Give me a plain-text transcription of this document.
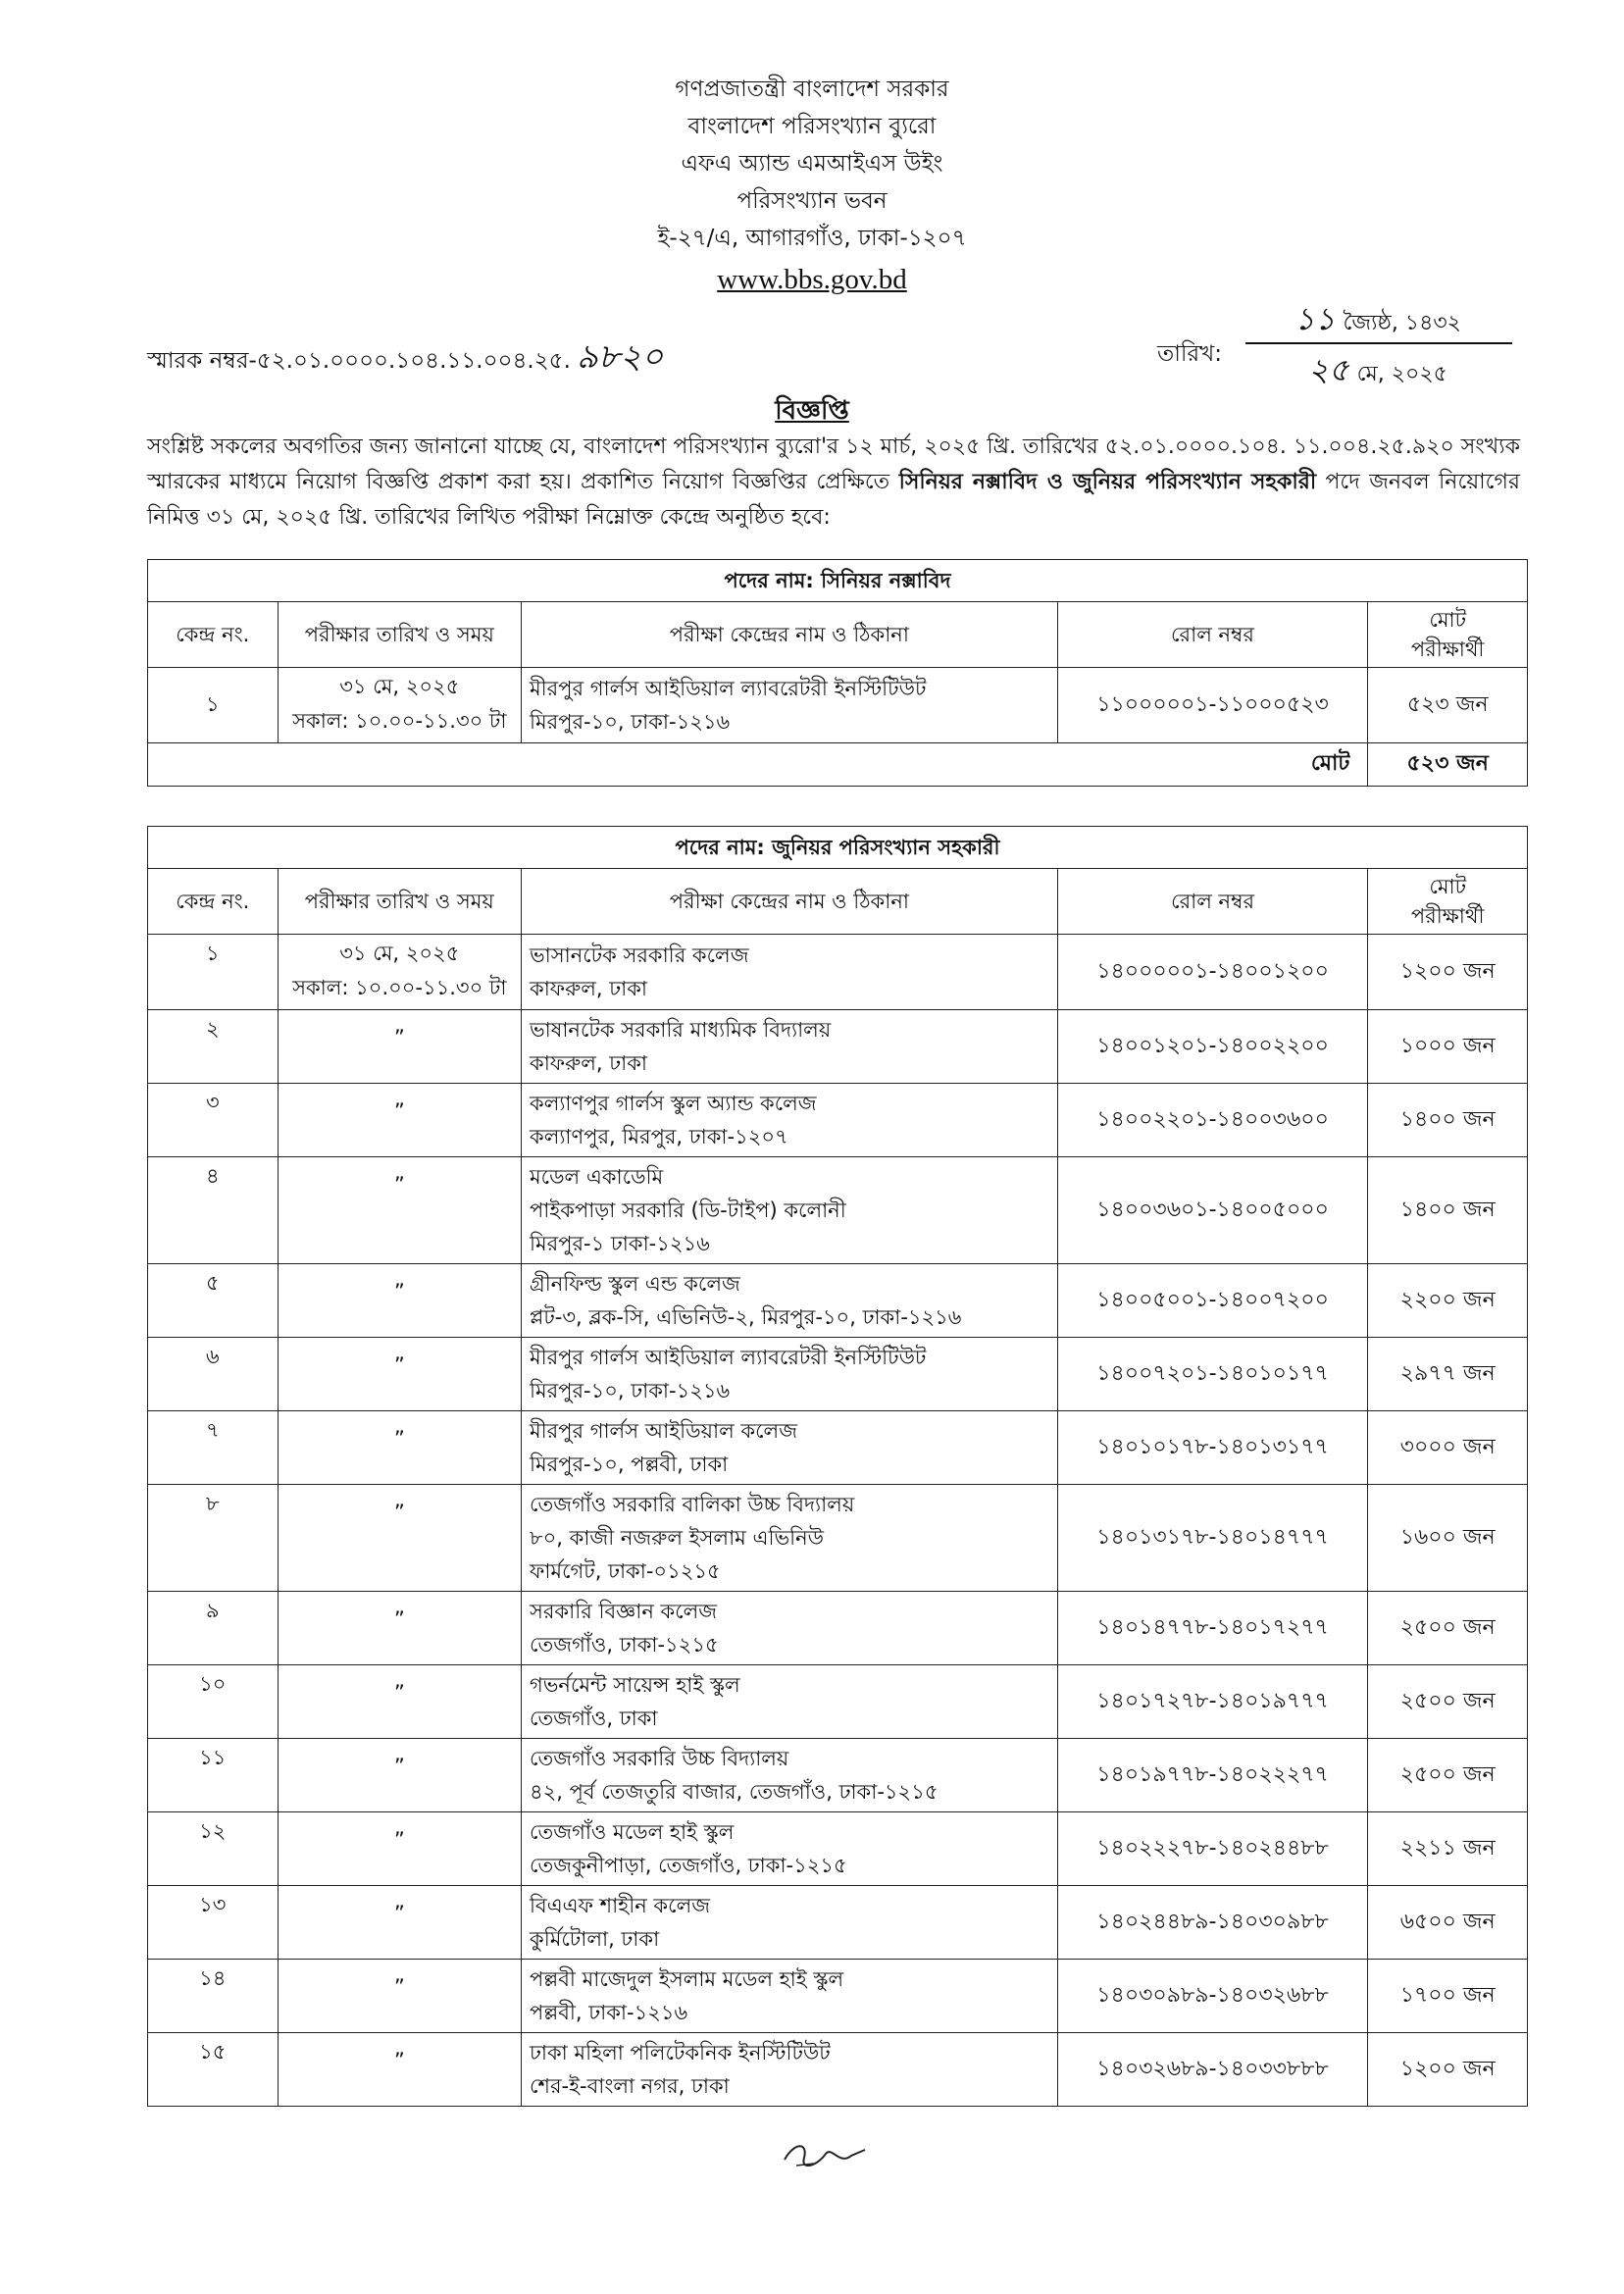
গণপ্রজাতন্ত্রী বাংলাদেশ সরকার
বাংলাদেশ পরিসংখ্যান ব্যুরো
এফএ অ্যান্ড এমআইএস উইং
পরিসংখ্যান ভবন
ই-২৭/এ, আগারগাঁও, ঢাকা-১২০৭
www.bbs.gov.bd
স্মারক নম্বর-৫২.০১.০০০০.১০৪.১১.০০৪.২৫. ৯৮২০	তারিখ:
১১ জ্যৈষ্ঠ, ১৪৩২
২৫ মে, ২০২৫
বিজ্ঞপ্তি
সংশ্লিষ্ট সকলের অবগতির জন্য জানানো যাচ্ছে যে, বাংলাদেশ পরিসংখ্যান ব্যুরো'র ১২ মার্চ, ২০২৫ খ্রি. তারিখের ৫২.০১.০০০০.১০৪. ১১.০০৪.২৫.৯২০ সংখ্যক স্মারকের মাধ্যমে নিয়োগ বিজ্ঞপ্তি প্রকাশ করা হয়। প্রকাশিত নিয়োগ বিজ্ঞপ্তির প্রেক্ষিতে সিনিয়র নক্সাবিদ ও জুনিয়র পরিসংখ্যান সহকারী পদে জনবল নিয়োগের নিমিত্ত ৩১ মে, ২০২৫ খ্রি. তারিখের লিখিত পরীক্ষা নিম্নোক্ত কেন্দ্রে অনুষ্ঠিত হবে:
পদের নাম: সিনিয়র নক্সাবিদ				
কেন্দ্র নং.	পরীক্ষার তারিখ ও সময়	পরীক্ষা কেন্দ্রের নাম ও ঠিকানা	রোল নম্বর	মোট
পরীক্ষার্থী

১	৩১ মে, ২০২৫
সকাল: ১০.০০-১১.৩০ টা	মীরপুর গার্লস আইডিয়াল ল্যাবরেটরী ইনস্টিটিউট
মিরপুর-১০, ঢাকা-১২১৬	১১০০০০০১-১১০০০৫২৩	৫২৩ জন
মোট				৫২৩ জন
পদের নাম: জুনিয়র পরিসংখ্যান সহকারী				
কেন্দ্র নং.	পরীক্ষার তারিখ ও সময়	পরীক্ষা কেন্দ্রের নাম ও ঠিকানা	রোল নম্বর	মোট
পরীক্ষার্থী

১	৩১ মে, ২০২৫
সকাল: ১০.০০-১১.৩০ টা	ভাসানটেক সরকারি কলেজ
কাফরুল, ঢাকা	১৪০০০০০১-১৪০০১২০০	১২০০ জন
২	„	ভাষানটেক সরকারি মাধ্যমিক বিদ্যালয়
কাফরুল, ঢাকা	১৪০০১২০১-১৪০০২২০০	১০০০ জন
৩	„	কল্যাণপুর গার্লস স্কুল অ্যান্ড কলেজ
কল্যাণপুর, মিরপুর, ঢাকা-১২০৭	১৪০০২২০১-১৪০০৩৬০০	১৪০০ জন
৪	„	মডেল একাডেমি
পাইকপাড়া সরকারি (ডি-টাইপ) কলোনী
মিরপুর-১ ঢাকা-১২১৬	১৪০০৩৬০১-১৪০০৫০০০	১৪০০ জন
৫	„	গ্রীনফিল্ড স্কুল এন্ড কলেজ
প্লট-৩, ব্লক-সি, এভিনিউ-২, মিরপুর-১০, ঢাকা-১২১৬	১৪০০৫০০১-১৪০০৭২০০	২২০০ জন
৬	„	মীরপুর গার্লস আইডিয়াল ল্যাবরেটরী ইনস্টিটিউট
মিরপুর-১০, ঢাকা-১২১৬	১৪০০৭২০১-১৪০১০১৭৭	২৯৭৭ জন
৭	„	মীরপুর গার্লস আইডিয়াল কলেজ
মিরপুর-১০, পল্লবী, ঢাকা	১৪০১০১৭৮-১৪০১৩১৭৭	৩০০০ জন
৮	„	তেজগাঁও সরকারি বালিকা উচ্চ বিদ্যালয়
৮০, কাজী নজরুল ইসলাম এভিনিউ
ফার্মগেট, ঢাকা-০১২১৫	১৪০১৩১৭৮-১৪০১৪৭৭৭	১৬০০ জন
৯	„	সরকারি বিজ্ঞান কলেজ
তেজগাঁও, ঢাকা-১২১৫	১৪০১৪৭৭৮-১৪০১৭২৭৭	২৫০০ জন
১০	„	গভর্নমেন্ট সায়েন্স হাই স্কুল
তেজগাঁও, ঢাকা	১৪০১৭২৭৮-১৪০১৯৭৭৭	২৫০০ জন
১১	„	তেজগাঁও সরকারি উচ্চ বিদ্যালয়
৪২, পূর্ব তেজতুরি বাজার, তেজগাঁও, ঢাকা-১২১৫	১৪০১৯৭৭৮-১৪০২২২৭৭	২৫০০ জন
১২	„	তেজগাঁও মডেল হাই স্কুল
তেজকুনীপাড়া, তেজগাঁও, ঢাকা-১২১৫	১৪০২২২৭৮-১৪০২৪৪৮৮	২২১১ জন
১৩	„	বিএএফ শাহীন কলেজ
কুর্মিটোলা, ঢাকা	১৪০২৪৪৮৯-১৪০৩০৯৮৮	৬৫০০ জন
১৪	„	পল্লবী মাজেদুল ইসলাম মডেল হাই স্কুল
পল্লবী, ঢাকা-১২১৬	১৪০৩০৯৮৯-১৪০৩২৬৮৮	১৭০০ জন
১৫	„	ঢাকা মহিলা পলিটেকনিক ইনস্টিটিউট
শের-ই-বাংলা নগর, ঢাকা	১৪০৩২৬৮৯-১৪০৩৩৮৮৮	১২০০ জন
